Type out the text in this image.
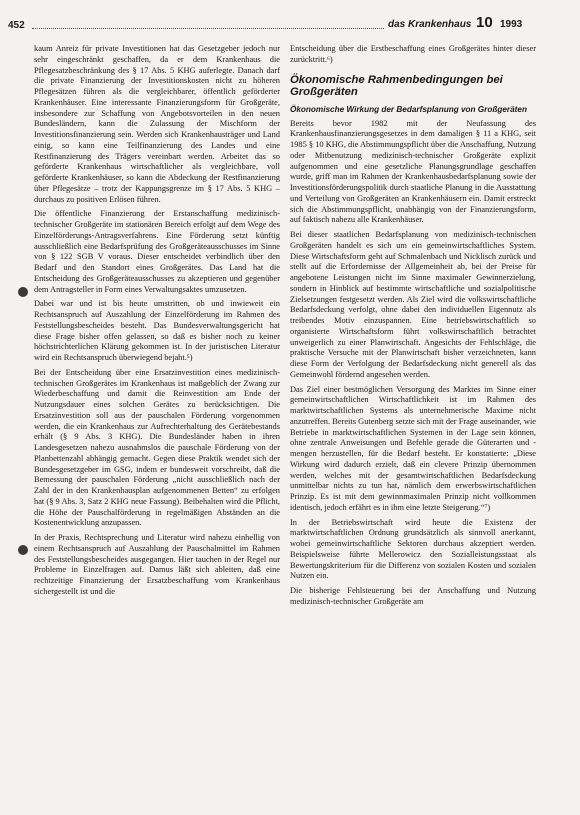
452	das Krankenhaus 10 1993

kaum Anreiz für private Investitionen hat das Gesetzgeber jedoch nur sehr eingeschränkt geschaffen, da er dem Krankenhaus die Pflegesatzbeschränkung des § 17 Abs. 5 KHG auferlegte. Danach darf die private Finanzierung der Investitionskosten nicht zu höheren Pflegesätzen führen als die vergleichbarer, öffentlich geförderter Krankenhäuser. Eine interessante Finanzierungsform für Großgeräte, insbesondere zur Schaffung von Angebotsvorteilen in den neuen Bundesländern, kann die Zulassung der Mischform der Investitionsfinanzierung sein. Werden sich Krankenhausträger und Land einig, so kann eine Teilfinanzierung des Landes und eine Restfinanzierung des Trägers vereinbart werden. Arbeitet das so geförderte Krankenhaus wirtschaftlicher als vergleichbare, voll geförderte Krankenhäuser, so kann die Abdeckung der Restfinanzierung über Pflegesätze – trotz der Kappungsgrenze im § 17 Abs. 5 KHG – durchaus zu positiven Erlösen führen.

Die öffentliche Finanzierung der Erstanschaffung medizinisch-technischer Großgeräte im stationären Bereich erfolgt auf dem Wege des Einzelförderungs-Antragsverfahrens. Eine Förderung setzt künftig ausschließlich eine Bedarfsprüfung des Großgeräteausschusses im Sinne von § 122 SGB V voraus. Dieser entscheidet verbindlich über den Bedarf und den Standort eines Großgerätes. Das Land hat die Entscheidung des Großgeräteausschusses zu akzeptieren und gegenüber dem Antragsteller in Form eines Verwaltungsaktes umzusetzen.

Dabei war und ist bis heute umstritten, ob und inwieweit ein Rechtsanspruch auf Auszahlung der Einzelförderung im Rahmen des Feststellungsbescheides besteht. Das Bundesverwaltungsgericht hat diese Frage bisher offen gelassen, so daß es bisher noch zu keiner höchstrichterlichen Klärung gekommen ist. In der juristischen Literatur wird ein Rechtsanspruch überwiegend bejaht.⁵)

Bei der Entscheidung über eine Ersatzinvestition eines medizinisch-technischen Großgerätes im Krankenhaus ist maßgeblich der Zwang zur Wiederbeschaffung und damit die Reinvestition am Ende der Nutzungsdauer eines solchen Gerätes zu berücksichtigen. Die Ersatzinvestition soll aus der pauschalen Förderung vorgenommen werden, die ein Krankenhaus zur Aufrechterhaltung des Gerätebestands erhält (§ 9 Abs. 3 KHG). Die Bundesländer haben in ihren Landesgesetzen nahezu ausnahmslos die pauschale Förderung von der Planbettenzahl abhängig gemacht. Gegen diese Praktik wendet sich der Bundesgesetzgeber im GSG, indem er bundesweit vorschreibt, daß die Bemessung der pauschalen Förderung „nicht ausschließlich nach der Zahl der in den Krankenhausplan aufgenommenen Betten“ zu erfolgen hat (§ 9 Abs. 3, Satz 2 KHG neue Fassung). Beibehalten wird die Pflicht, die Höhe der Pauschalförderung in regelmäßigen Abständen an die Kostenentwicklung anzupassen.

In der Praxis, Rechtsprechung und Literatur wird nahezu einhellig von einem Rechtsanspruch auf Auszahlung der Pauschalmittel im Rahmen des Feststellungsbescheides ausgegangen. Hier tauchen in der Regel nur Probleme in Einzelfragen auf. Damus läßt sich ableiten, daß eine rechtzeitige Finanzierung der Ersatzbeschaffung vom Krankenhaus sichergestellt ist und die

Entscheidung über die Erstbeschaffung eines Großgerätes hinter dieser zurücktritt.⁶)

Ökonomische Rahmenbedingungen bei Großgeräten
Ökonomische Wirkung der Bedarfsplanung von Großgeräten

Bereits bevor 1982 mit der Neufassung des Krankenhausfinanzierungsgesetzes in dem damaligen § 11 a KHG, seit 1985 § 10 KHG, die Abstimmungspflicht über die Anschaffung, Nutzung oder Mitbenutzung medizinisch-technischer Großgeräte explizit aufgenommen und eine gesetzliche Planungsgrundlage geschaffen wurde, griff man im Rahmen der Krankenhausbedarfsplanung sowie der Investitionsförderungspolitik durch staatliche Planung in die Ausstattung und Verteilung von Großgeräten an Krankenhäusern ein. Damit erstreckt sich die Abstimmungspflicht, unabhängig von der Finanzierungsform, auf faktisch nahezu alle Krankenhäuser.

Bei dieser staatlichen Bedarfsplanung von medizinisch-technischen Großgeräten handelt es sich um ein gemeinwirtschaftliches System. Diese Wirtschaftsform geht auf Schmalenbach und Nicklisch zurück und stellt auf die Erfordernisse der Allgemeinheit ab, bei der Preise für angebotene Leistungen nicht im Sinne maximaler Gewinnerzielung, sondern in Hinblick auf bestimmte wirtschaftliche und sozialpolitische Zielsetzungen festgesetzt werden. Als Ziel wird die volkswirtschaftliche Bedarfsdeckung verfolgt, ohne dabei den individuellen Eigennutz als treibendes Motiv einzuspannen. Eine betriebswirtschaftlich so organisierte Wirtschaftsform führt volkswirtschaftlich betrachtet unweigerlich zu einer Planwirtschaft. Angesichts der Fehlschläge, die praktische Versuche mit der Planwirtschaft bisher verzeichneten, kann diese Form der Verfolgung der Bedarfsdeckung nicht generell als das Gemeinwohl fördernd angesehen werden.

Das Ziel einer bestmöglichen Versorgung des Marktes im Sinne einer gemeinwirtschaftlichen Wirtschaftlichkeit ist im Rahmen des marktwirtschaftlichen Systems als unternehmerische Maxime nicht anzutreffen. Bereits Gutenberg setzte sich mit der Frage auseinander, wie Betriebe in marktwirtschaftlichen Systemen in der Lage sein können, ohne zentrale Anweisungen und Befehle gerade die Güterarten und -mengen herzustellen, für die Bedarf besteht. Er konstatierte: „Diese Wirkung wird dadurch erzielt, daß ein clevere Prinzip übernommen werden, welches mit der gesamtwirtschaftlichen Bedarfsdeckung unmittelbar nichts zu tun hat, nämlich dem erwerbswirtschaftlichen Prinzip. Es ist mit dem gewinnmaximalen Prinzip nicht vollkommen identisch, jedoch erfährt es in ihm eine letzte Steigerung.“⁷)

In der Betriebswirtschaft wird heute die Existenz der marktwirtschaftlichen Ordnung grundsätzlich als sinnvoll anerkannt, wobei gemeinwirtschaftliche Sektoren durchaus akzeptiert werden. Beispielsweise führte Mellerowicz den Sozialleistungsstaat als Bewertungskriterium für die Differenz von sozialen Kosten und sozialen Nutzen ein.

Die bisherige Fehlsteuerung bei der Anschaffung und Nutzung medizinisch-technischer Großgeräte am
